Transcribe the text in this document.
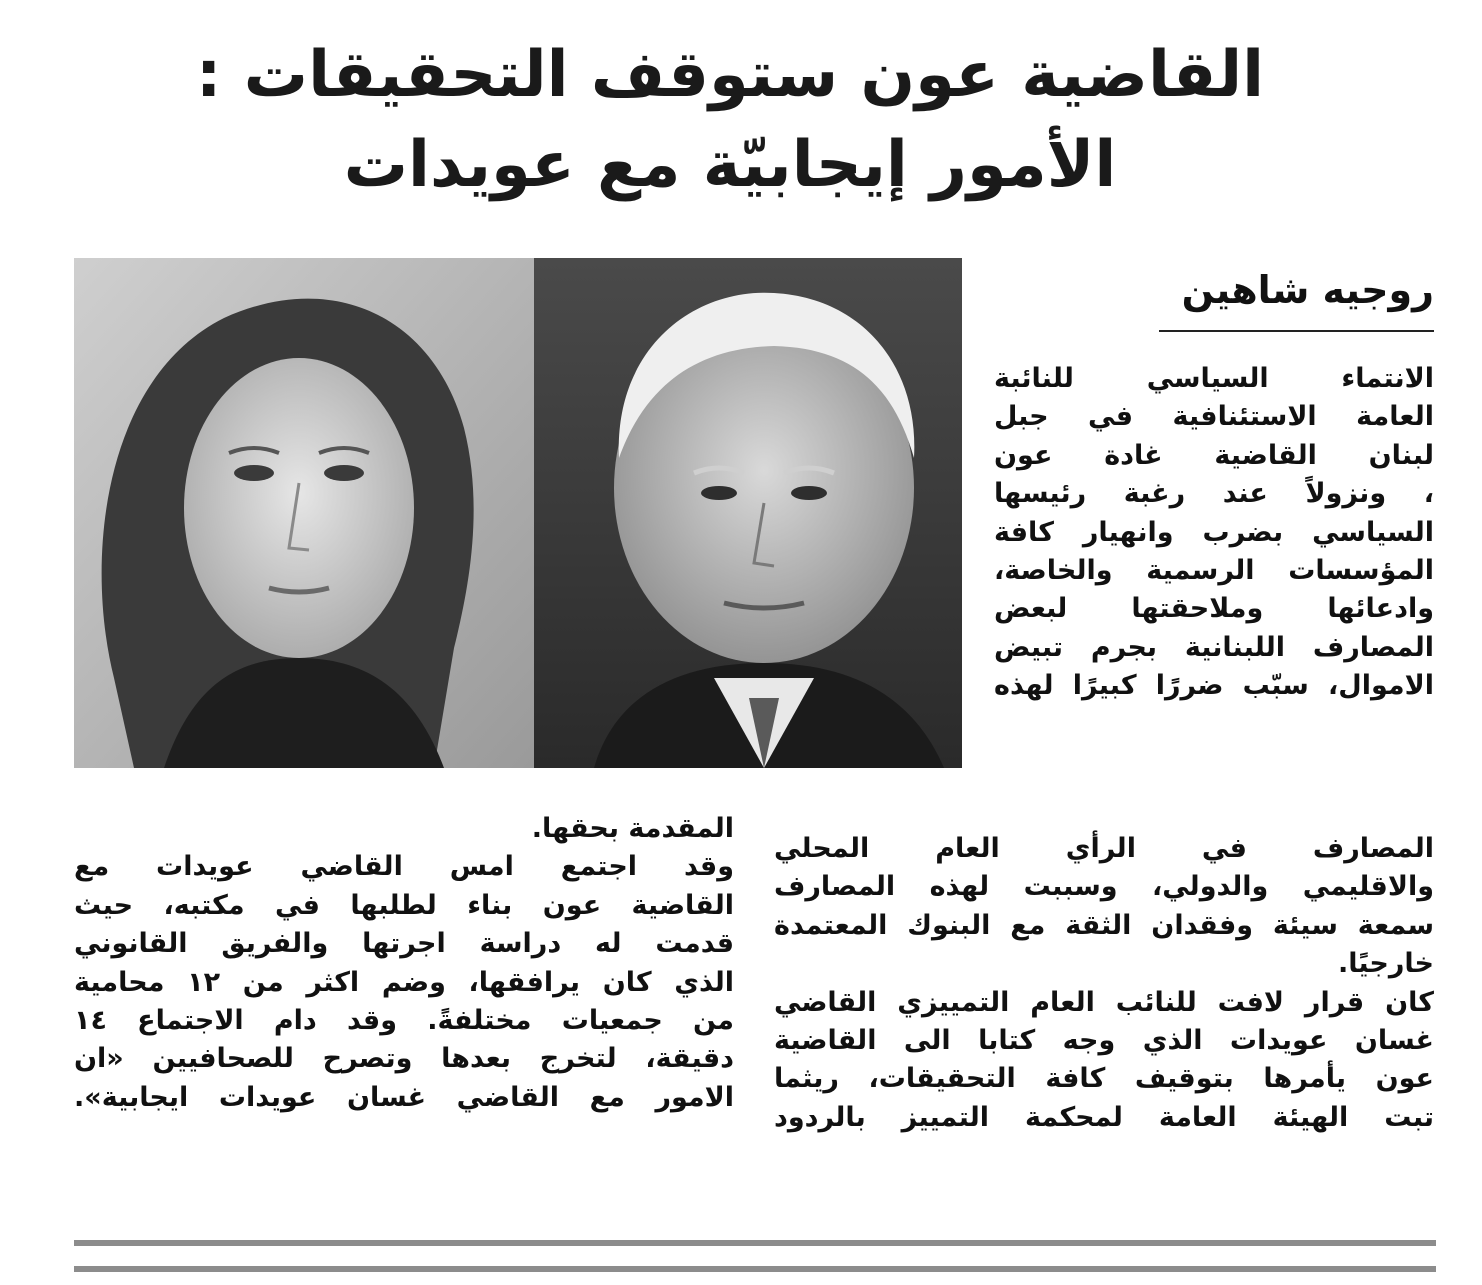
القاضية عون ستوقف التحقيقات :
الأمور إيجابيّة مع عويدات
روجيه شاهين
الانتماء السياسي للنائبة
العامة الاستئنافية في جبل
لبنان القاضية غادة عون
، ونزولاً عند رغبة رئيسها
السياسي بضرب وانهيار كافة
المؤسسات الرسمية والخاصة،
وادعائها وملاحقتها لبعض
المصارف اللبنانية بجرم تبيض
الاموال، سبّب ضررًا كبيرًا لهذه
المصارف في الرأي العام المحلي
والاقليمي والدولي، وسببت لهذه المصارف
سمعة سيئة وفقدان الثقة مع البنوك المعتمدة
خارجيًا.
كان قرار لافت للنائب العام التمييزي القاضي
غسان عويدات الذي وجه كتابا الى القاضية
عون يأمرها بتوقيف كافة التحقيقات، ريثما
تبت الهيئة العامة لمحكمة التمييز بالردود
المقدمة بحقها.
وقد اجتمع امس القاضي عويدات مع
القاضية عون بناء لطلبها في مكتبه، حيث
قدمت له دراسة اجرتها والفريق القانوني
الذي كان يرافقها، وضم اكثر من ١٢ محامية
من جمعيات مختلفةً. وقد دام الاجتماع ١٤
دقيقة، لتخرج بعدها وتصرح للصحافيين «ان
الامور مع القاضي غسان عويدات ايجابية».
